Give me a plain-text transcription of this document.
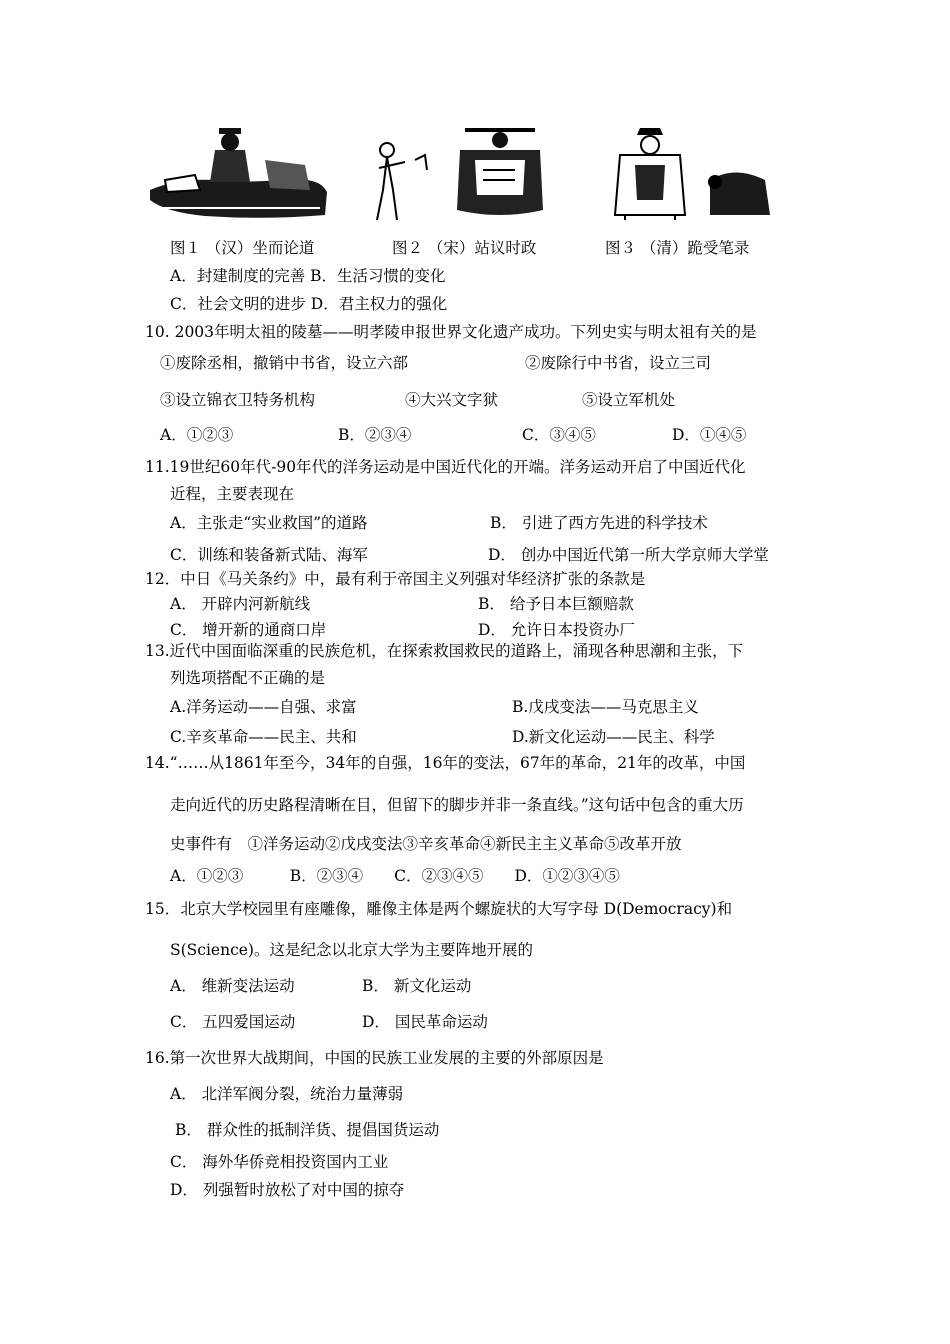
图１ （汉）坐而论道	图２ （宋）站议时政	图３ （清）跪受笔录
A．封建制度的完善 B．生活习惯的变化
C．社会文明的进步 D．君主权力的强化
10. 2003年明太祖的陵墓——明孝陵申报世界文化遗产成功。下列史实与明太祖有关的是
①废除丞相，撤销中书省，设立六部	②废除行中书省，设立三司
③设立锦衣卫特务机构	④大兴文字狱	⑤设立军机处
A．①②③	B．②③④	C．③④⑤	D．①④⑤
11.19世纪60年代-90年代的洋务运动是中国近代化的开端。洋务运动开启了中国近代化
近程，主要表现在
A．主张走“实业救国”的道路	B． 引进了西方先进的科学技术
C．训练和装备新式陆、海军	D． 创办中国近代第一所大学京师大学堂
12．中日《马关条约》中，最有利于帝国主义列强对华经济扩张的条款是
A． 开辟内河新航线	B． 给予日本巨额赔款
C． 增开新的通商口岸	D． 允许日本投资办厂
13.近代中国面临深重的民族危机，在探索救国救民的道路上，涌现各种思潮和主张，下
列选项搭配不正确的是
A.洋务运动——自强、求富	B.戊戌变法——马克思主义
C.辛亥革命——民主、共和	D.新文化运动——民主、科学
14.“……从1861年至今，34年的自强，16年的变法，67年的革命，21年的改革，中国
走向近代的历史路程清晰在目，但留下的脚步并非一条直线。”这句话中包含的重大历
史事件有　①洋务运动②戊戌变法③辛亥革命④新民主主义革命⑤改革开放
A．①②③　　　B．②③④　　C．②③④⑤　　D．①②③④⑤
15．北京大学校园里有座雕像，雕像主体是两个螺旋状的大写字母 D(Democracy)和
S(Science)。这是纪念以北京大学为主要阵地开展的
A． 维新变法运动	B． 新文化运动
C． 五四爱国运动	D． 国民革命运动
16.第一次世界大战期间，中国的民族工业发展的主要的外部原因是
A． 北洋军阀分裂，统治力量薄弱
B． 群众性的抵制洋货、提倡国货运动
C． 海外华侨竞相投资国内工业
D． 列强暂时放松了对中国的掠夺
